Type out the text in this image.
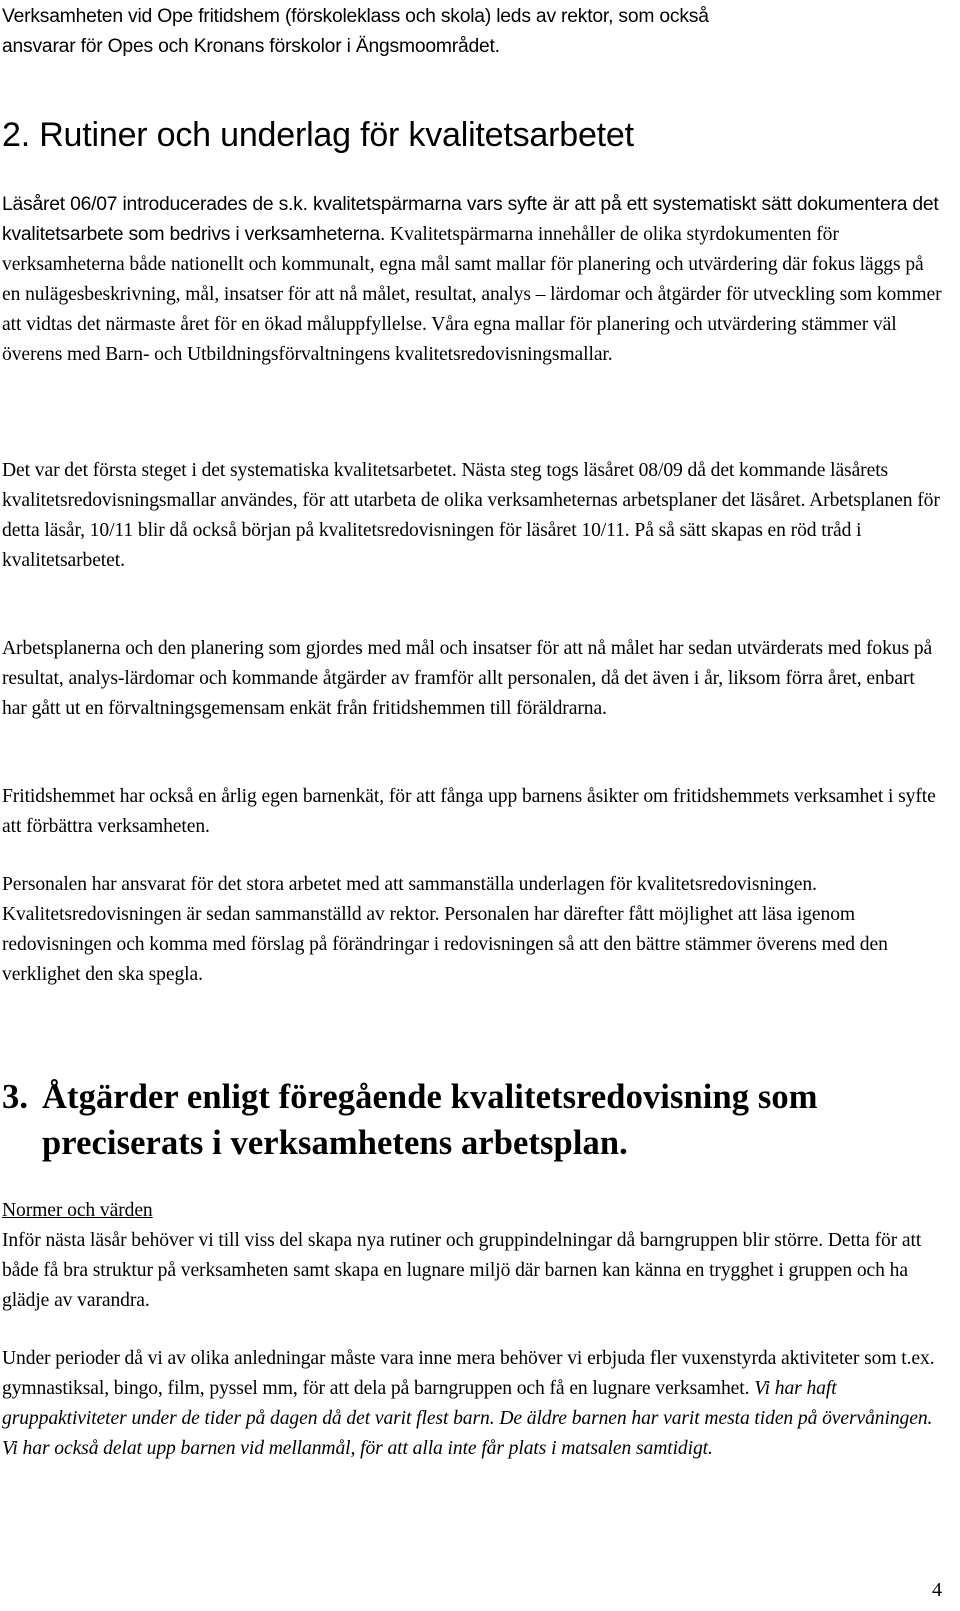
Verksamheten vid Ope fritidshem (förskoleklass och skola) leds av rektor, som också
ansvarar för Opes och Kronans förskolor i Ängsmoområdet.
2. Rutiner och underlag för kvalitetsarbetet
Läsåret 06/07 introducerades de s.k. kvalitetspärmarna vars syfte är att på ett systematiskt sätt dokumentera det kvalitetsarbete som bedrivs i verksamheterna. Kvalitetspärmarna innehåller de olika styrdokumenten för verksamheterna både nationellt och kommunalt, egna mål samt mallar för planering och utvärdering där fokus läggs på en nulägesbeskrivning, mål, insatser för att nå målet, resultat, analys – lärdomar och åtgärder för utveckling som kommer att vidtas det närmaste året för en ökad måluppfyllelse. Våra egna mallar för planering och utvärdering stämmer väl överens med Barn- och Utbildningsförvaltningens kvalitetsredovisningsmallar.
Det var det första steget i det systematiska kvalitetsarbetet. Nästa steg togs läsåret 08/09 då det kommande läsårets kvalitetsredovisningsmallar användes, för att utarbeta de olika verksamheternas arbetsplaner det läsåret. Arbetsplanen för detta läsår, 10/11 blir då också början på kvalitetsredovisningen för läsåret 10/11. På så sätt skapas en röd tråd i kvalitetsarbetet.
Arbetsplanerna och den planering som gjordes med mål och insatser för att nå målet har sedan utvärderats med fokus på resultat, analys-lärdomar och kommande åtgärder av framför allt personalen, då det även i år, liksom förra året, enbart har gått ut en förvaltningsgemensam enkät från fritidshemmen till föräldrarna.
Fritidshemmet har också en årlig egen barnenkät, för att fånga upp barnens åsikter om fritidshemmets verksamhet i syfte att förbättra verksamheten.
Personalen har ansvarat för det stora arbetet med att sammanställa underlagen för kvalitetsredovisningen. Kvalitetsredovisningen är sedan sammanställd av rektor. Personalen har därefter fått möjlighet att läsa igenom redovisningen och komma med förslag på förändringar i redovisningen så att den bättre stämmer överens med den verklighet den ska spegla.
3. Åtgärder enligt föregående kvalitetsredovisning som
preciserats i verksamhetens arbetsplan.
Normer och värden
Inför nästa läsår behöver vi till viss del skapa nya rutiner och gruppindelningar då barngruppen blir större. Detta för att både få bra struktur på verksamheten samt skapa en lugnare miljö där barnen kan känna en trygghet i gruppen och ha glädje av varandra.
Under perioder då vi av olika anledningar måste vara inne mera behöver vi erbjuda fler vuxenstyrda aktiviteter som t.ex. gymnastiksal, bingo, film, pyssel mm, för att dela på barngruppen och få en lugnare verksamhet. Vi har haft gruppaktiviteter under de tider på dagen då det varit flest barn. De äldre barnen har varit mesta tiden på övervåningen. Vi har också delat upp barnen vid mellanmål, för att alla inte får plats i matsalen samtidigt.
4
